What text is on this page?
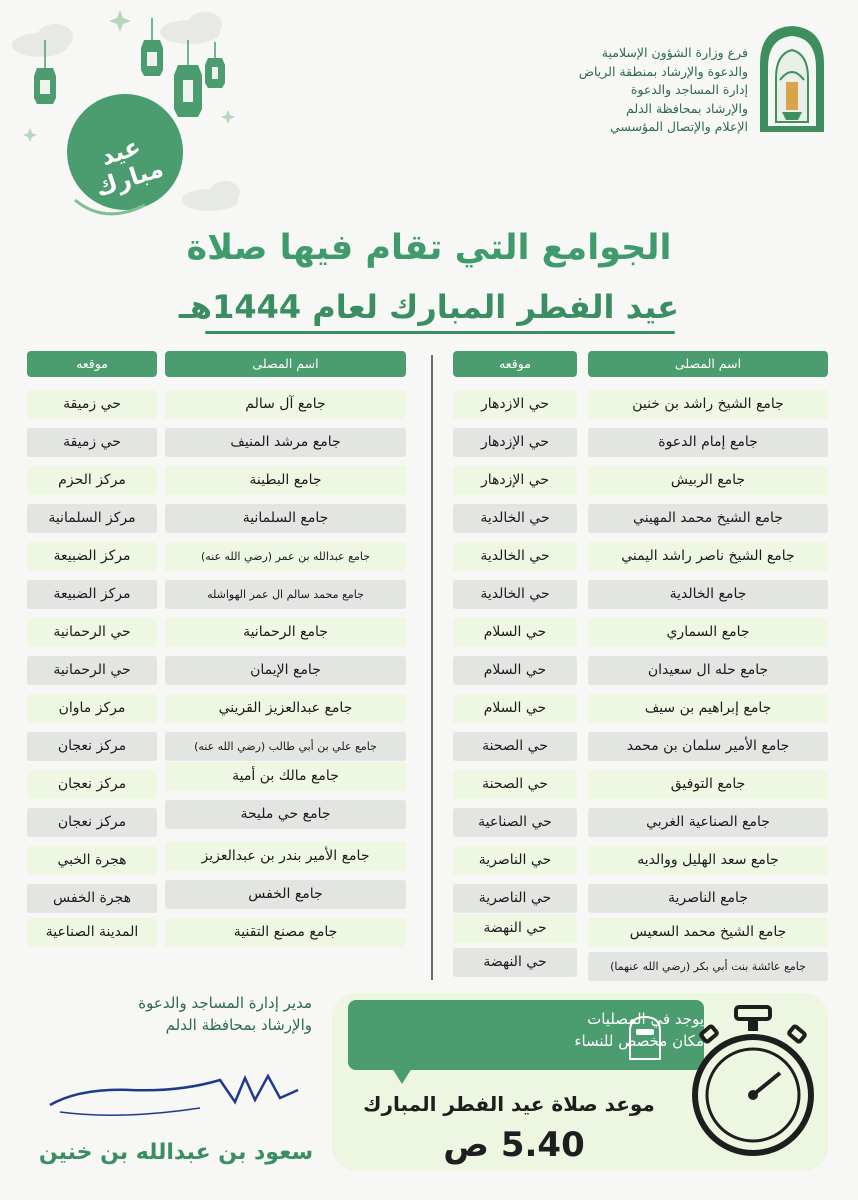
عيد مبارك
فرع وزارة الشؤون الإسلامية
والدعوة والإرشاد بمنطقة الرياض
إدارة المساجد والدعوة
والإرشاد بمحافظة الدلم
الإعلام والإتصال المؤسسي
الجوامع التي تقام فيها صلاة
عيد الفطر المبارك لعام 1444هـ
اسم المصلى
موقعه
اسم المصلى
موقعه
جامع الشيخ راشد بن خنين
حي الازدهار
جامع إمام الدعوة
حي الإزدهار
جامع الربيش
حي الإزدهار
جامع الشيخ محمد المهيني
حي الخالدية
جامع الشيخ ناصر راشد اليمني
حي الخالدية
جامع الخالدية
حي الخالدية
جامع السماري
حي السلام
جامع حله ال سعيدان
حي السلام
جامع إبراهيم بن سيف
حي السلام
جامع الأمير سلمان بن محمد
حي الصحنة
جامع التوفيق
حي الصحنة
جامع الصناعية الغربي
حي الصناعية
جامع سعد الهليل ووالديه
حي الناصرية
جامع الناصرية
حي الناصرية
جامع الشيخ محمد السعيس
حي النهضة
جامع عائشة بنت أبي بكر (رضي الله عنهما)
حي النهضة
جامع آل سالم
حي زميقة
جامع مرشد المنيف
حي زميقة
جامع البطينة
مركز الحزم
جامع السلمانية
مركز السلمانية
جامع عبدالله بن عمر (رضي الله عنه)
مركز الضبيعة
جامع محمد سالم ال عمر الهواشله
مركز الضبيعة
جامع الرحمانية
حي الرحمانية
جامع الإيمان
حي الرحمانية
جامع عبدالعزيز القريني
مركز ماوان
جامع علي بن أبي طالب (رضي الله عنه)
مركز نعجان
جامع مالك بن أمية
مركز نعجان
جامع حي مليحة
مركز نعجان
جامع الأمير بندر بن عبدالعزيز
هجرة الخبي
جامع الخفس
هجرة الخفس
جامع مصنع التقنية
المدينة الصناعية
يوجد في المصليات
مكان مخصص للنساء
موعد صلاة عيد الفطر المبارك
5.40 ص
مدير إدارة المساجد والدعوة
والإرشاد بمحافظة الدلم
سعود بن عبدالله بن خنين
